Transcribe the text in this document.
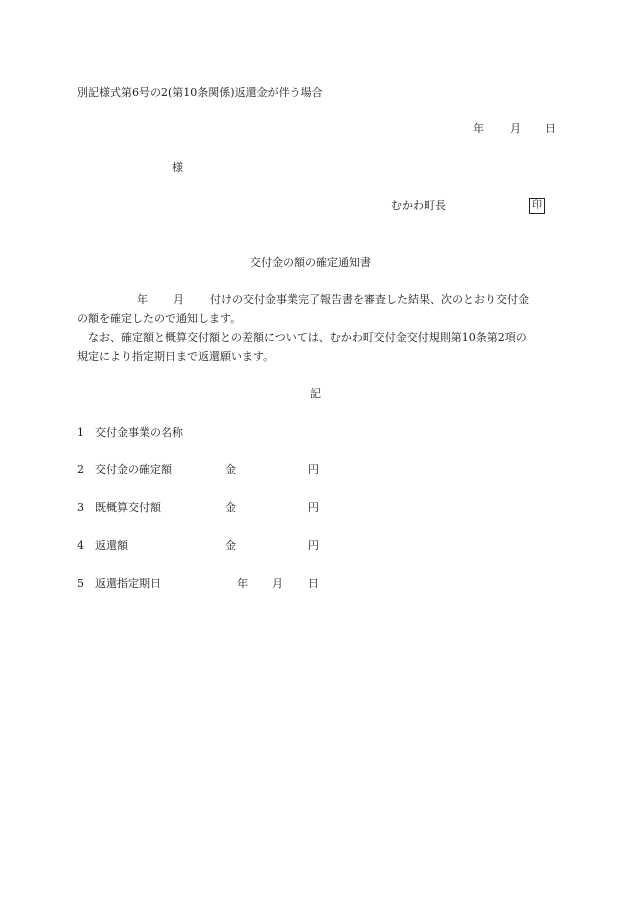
別記様式第6号の2(第10条関係)返還金が伴う場合
年 月 日
様
むかわ町長	印
交付金の額の確定通知書
年 月 付けの交付金事業完了報告書を審査した結果、次のとおり交付金
の額を確定したので通知します。
なお、確定額と概算交付額との差額については、むかわ町交付金交付規則第10条第2項の
規定により指定期日まで返還願います。
記
1 交付金事業の名称
2 交付金の確定額	金	円
3 既概算交付額	金	円
4 返還額	金	円
5 返還指定期日	年 月 日
